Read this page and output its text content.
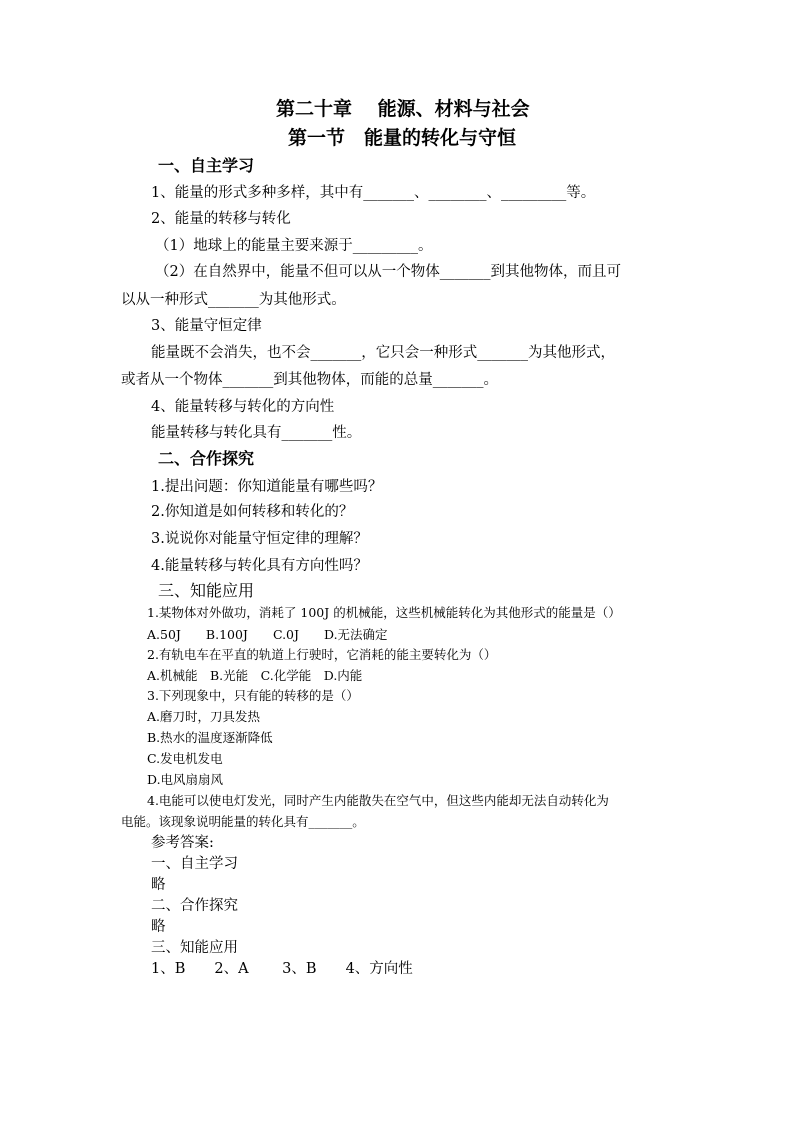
第二十章　 能源、材料与社会
第一节　能量的转化与守恒
一、自主学习
1、能量的形式多种多样，其中有_______、________、_________等。
2、能量的转移与转化
（1）地球上的能量主要来源于_________。
（2）在自然界中，能量不但可以从一个物体_______到其他物体，而且可
以从一种形式_______为其他形式。
3、能量守恒定律
能量既不会消失，也不会_______，它只会一种形式_______为其他形式，
或者从一个物体_______到其他物体，而能的总量_______。
4、能量转移与转化的方向性
能量转移与转化具有_______性。
二、合作探究
1.提出问题：你知道能量有哪些吗？
2.你知道是如何转移和转化的？
3.说说你对能量守恒定律的理解？
4.能量转移与转化具有方向性吗？
三、知能应用
1.某物体对外做功，消耗了 100J 的机械能，这些机械能转化为其他形式的能量是（）
A.50J　　B.100J　　C.0J　　D.无法确定
2.有轨电车在平直的轨道上行驶时，它消耗的能主要转化为（）
A.机械能　B.光能　C.化学能　D.内能
3.下列现象中，只有能的转移的是（）
A.磨刀时，刀具发热
B.热水的温度逐渐降低
C.发电机发电
D.电风扇扇风
4.电能可以使电灯发光，同时产生内能散失在空气中，但这些内能却无法自动转化为
电能。该现象说明能量的转化具有_______。
参考答案:
一、自主学习
略
二、合作探究
略
三、知能应用
1、B　　2、A　　 3、B　　4、方向性
